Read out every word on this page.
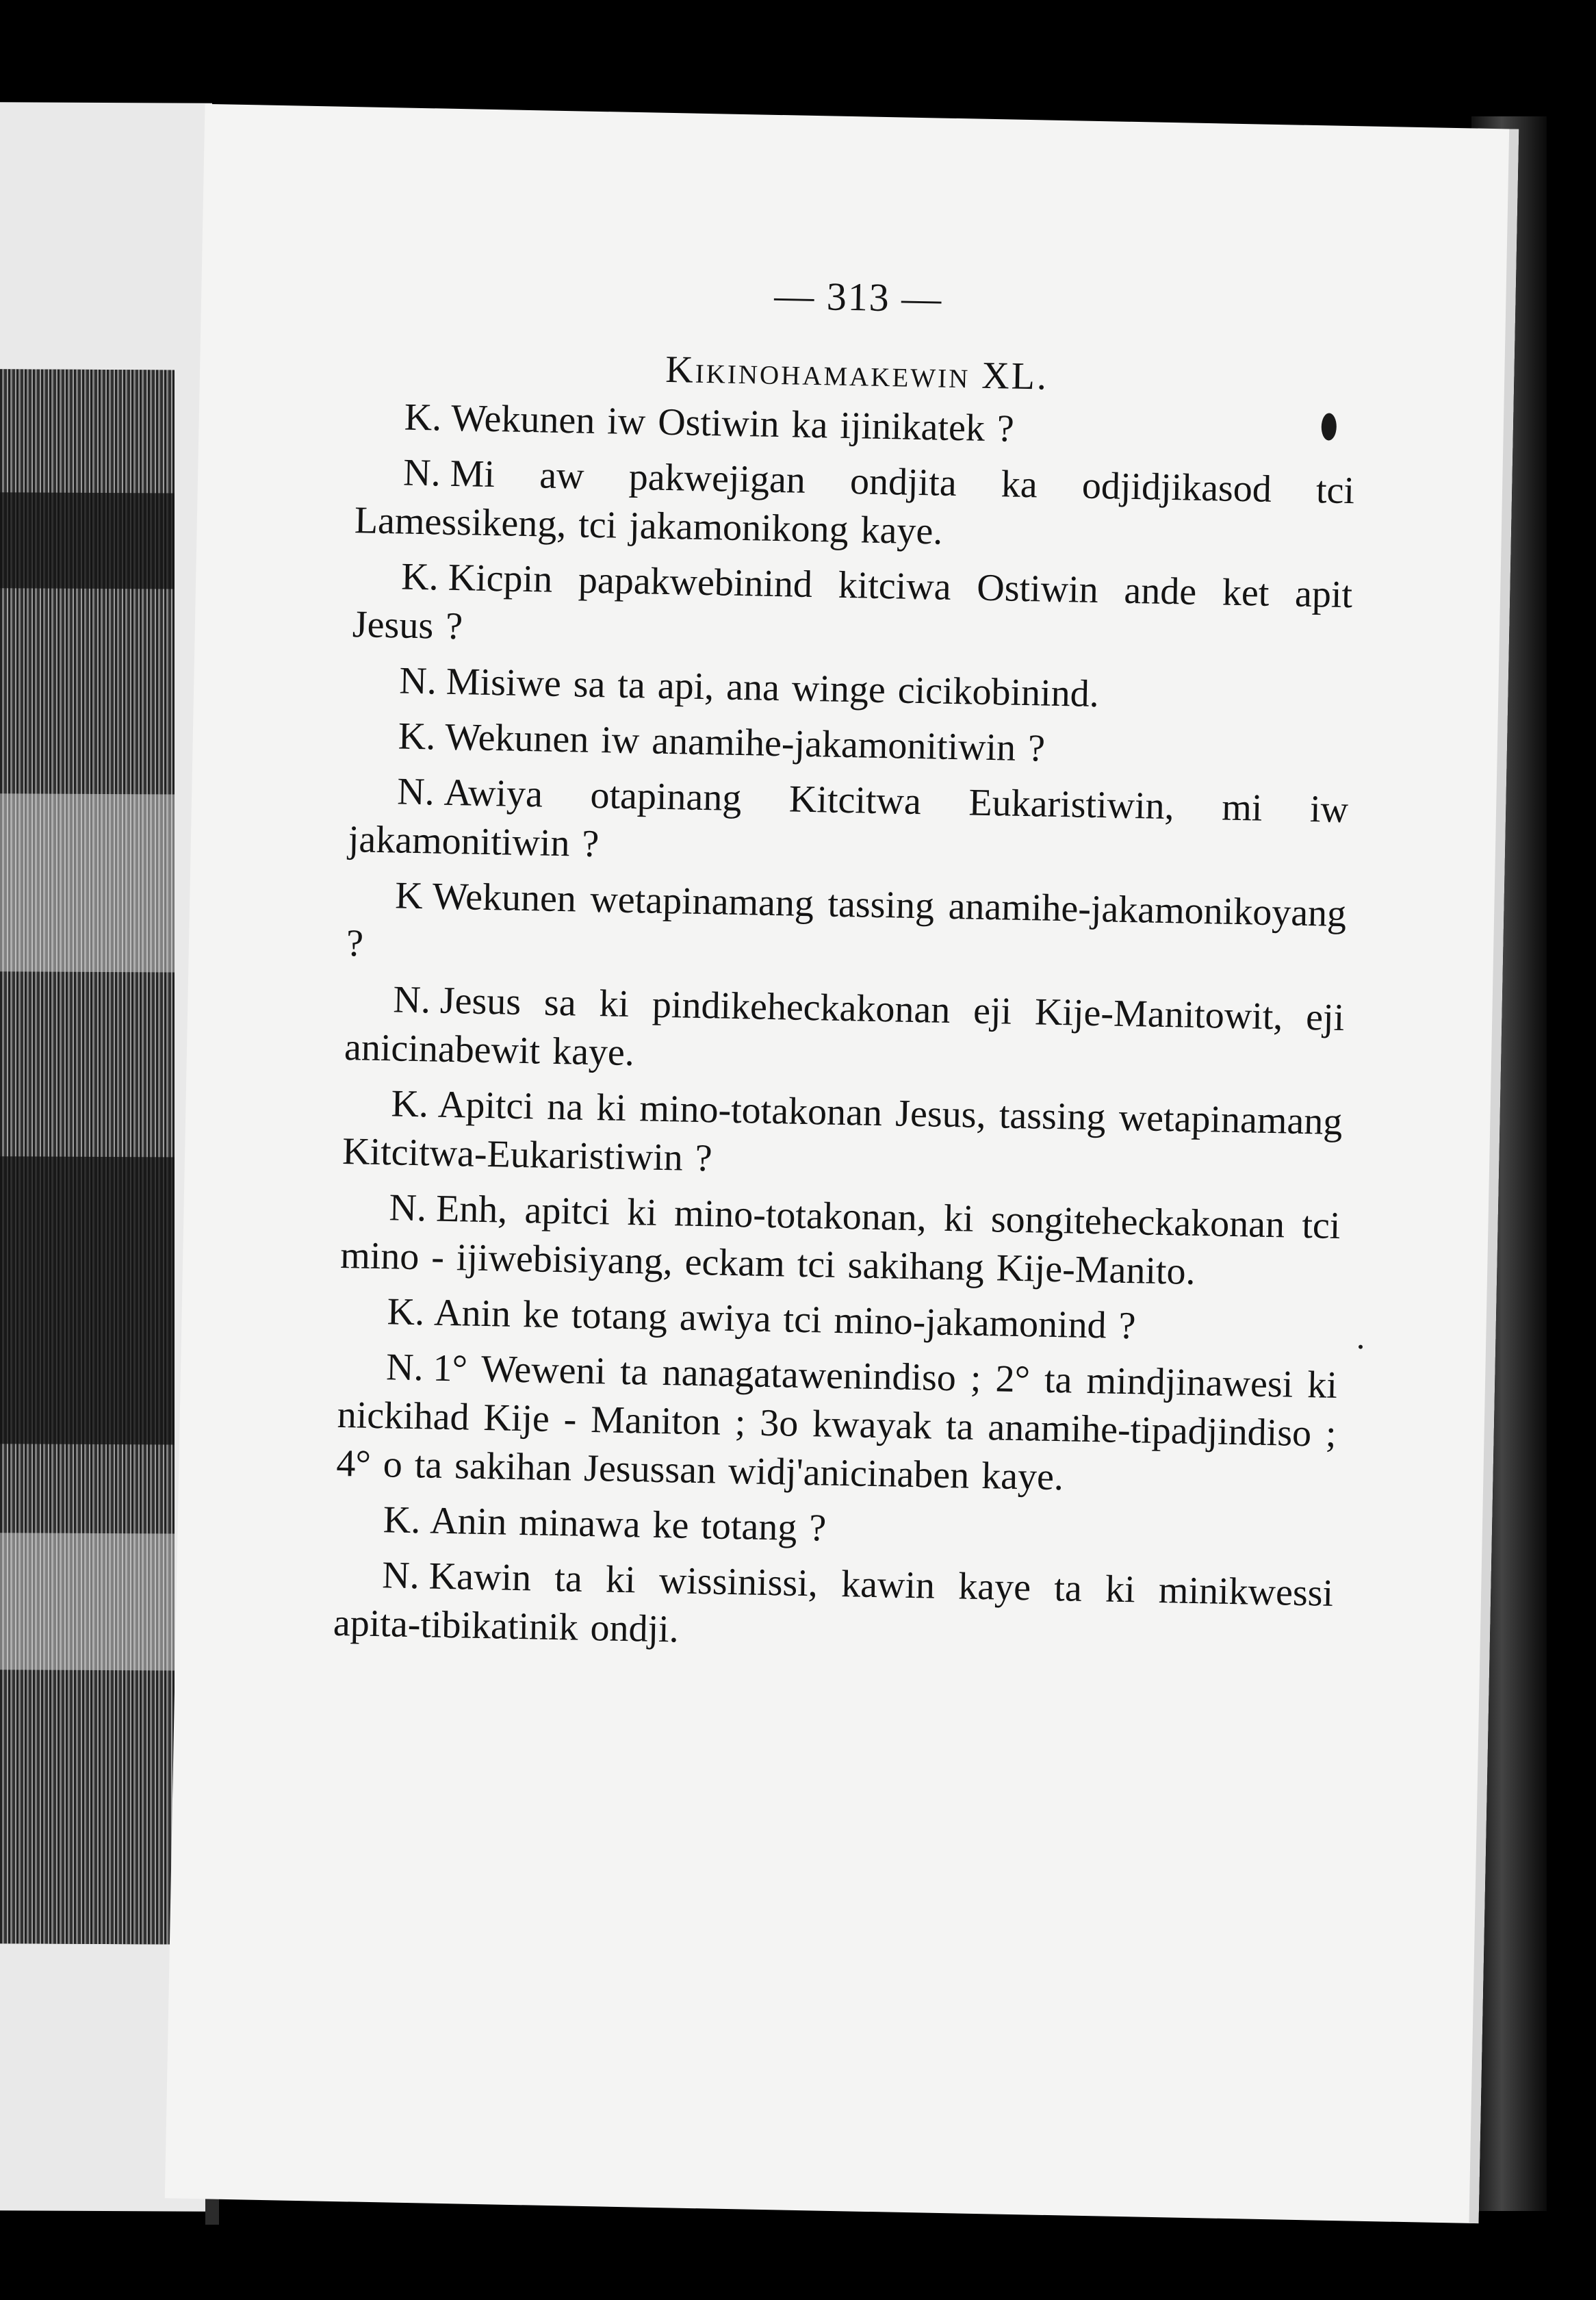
— 313 —
Kikinohamakewin XL.

K. Wekunen iw Ostiwin ka ijinikatek ?

N. Mi aw pakwejigan ondjita ka odjidjikasod tci Lamessikeng, tci jakamonikong kaye.

K. Kicpin papakwebinind kitciwa Ostiwin ande ket apit Jesus ?

N. Misiwe sa ta api, ana winge cicikobinind.

K. Wekunen iw anamihe-jakamonitiwin ?

N. Awiya otapinang Kitcitwa Eukaristiwin, mi iw jakamonitiwin ?

K Wekunen wetapinamang tassing anamihe-jakamonikoyang ?

N. Jesus sa ki pindikeheckakonan eji Kije-Manitowit, eji anicinabewit kaye.

K. Apitci na ki mino-totakonan Jesus, tassing wetapinamang Kitcitwa-Eukaristiwin ?

N. Enh, apitci ki mino-totakonan, ki songiteheckakonan tci mino - ijiwebisiyang, eckam tci sakihang Kije-Manito.

K. Anin ke totang awiya tci mino-jakamonind ?

N. 1° Weweni ta nanagatawenindiso ; 2° ta mindjinawesi ki nickihad Kije - Maniton ; 3o kwayak ta anamihe-tipadjindiso ; 4° o ta sakihan Jesussan widj'anicinaben kaye.

K. Anin minawa ke totang ?

N. Kawin ta ki wissinissi, kawin kaye ta ki minikwessi apita-tibikatinik ondji.
